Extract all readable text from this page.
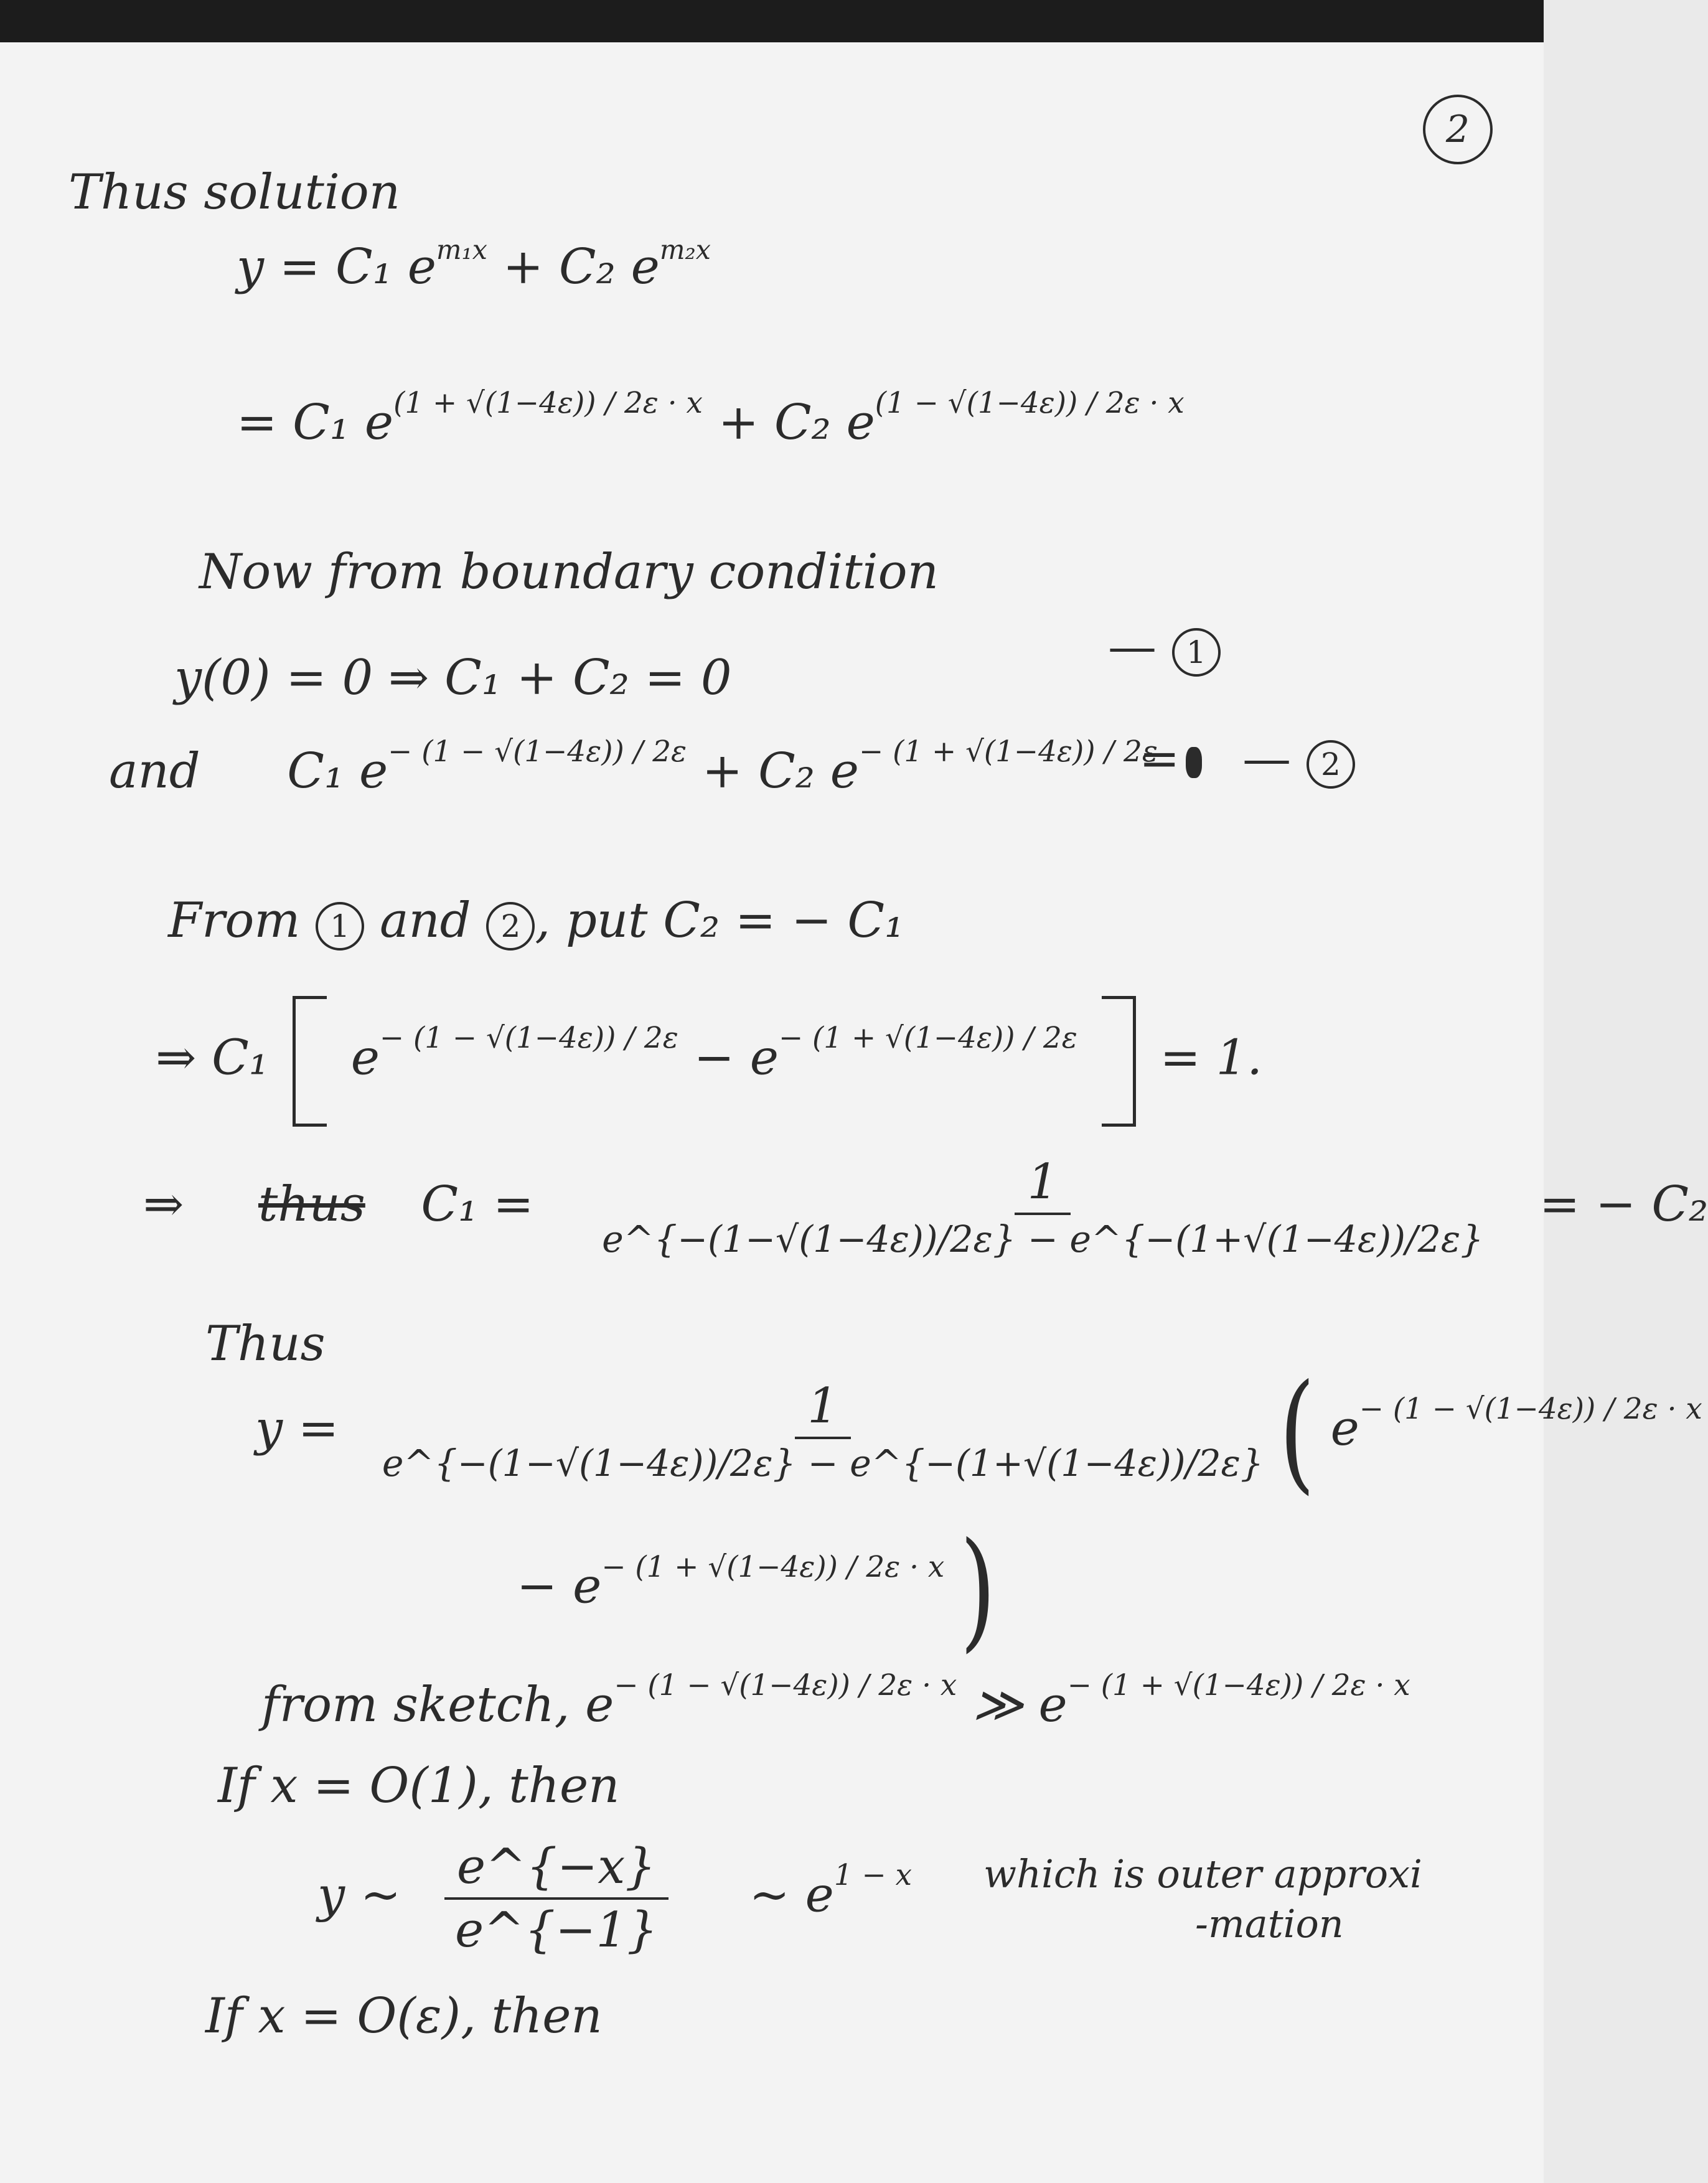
2
Thus solution
y = C₁ $e^{m_1x} + C_2$ $e^{m_2x}$
= C₁ $e^{(1 + √(1-4\varepsilon)) / 2\varepsilon \cdot x} + C_2$ $e^{(1 - √(1-4\varepsilon)) / 2\varepsilon \cdot x}$
Now from boundary condition
y(0) = 0 ⇒ C₁ + C₂ = 0
— 1
and C₁ $e^{- (1 - √(1-4\varepsilon)) / 2\varepsilon} + C_2$ $e^{- (1 + √(1-4\varepsilon)) / 2\varepsilon}$
= — 2
From 1 and 2 , put C₂ = − C₁
⇒ C₁ $e^{- (1 - √(1-4\varepsilon)) / 2\varepsilon} - e^{- (1 + √(1-4\varepsilon)) / 2\varepsilon} = 1$.
⇒ thus $C_1 = \frac{1}{e\^{}\{-(1-√(1-4\varepsilon))/2\varepsilon\} - e\^{}\{-(1+√(1-4\varepsilon))/2\varepsilon\}}$ = − C₂
Thus
$y = \frac{1}{e\^{}\{-(1-√(1-4\varepsilon))/2\varepsilon\} - e\^{}\{-(1+√(1-4\varepsilon))/2\varepsilon\}}$ ( $e^{- (1 - √(1-4\varepsilon)) / 2\varepsilon \cdot x}$
− $e^{- (1 + √(1-4\varepsilon)) / 2\varepsilon \cdot x}$ )
from sketch, $e^{- (1 - √(1-4\varepsilon)) / 2\varepsilon \cdot x}$ ≫ $e^{- (1 + √(1-4\varepsilon)) / 2\varepsilon \cdot x}$
If x = O(1), then
y ~ $\frac{e\^{}\{-x\}}{e\^{}\{-1\}}$ ~ $e^{1 - x}$ which is outer approxi
-mation
If x = O(ε), then
